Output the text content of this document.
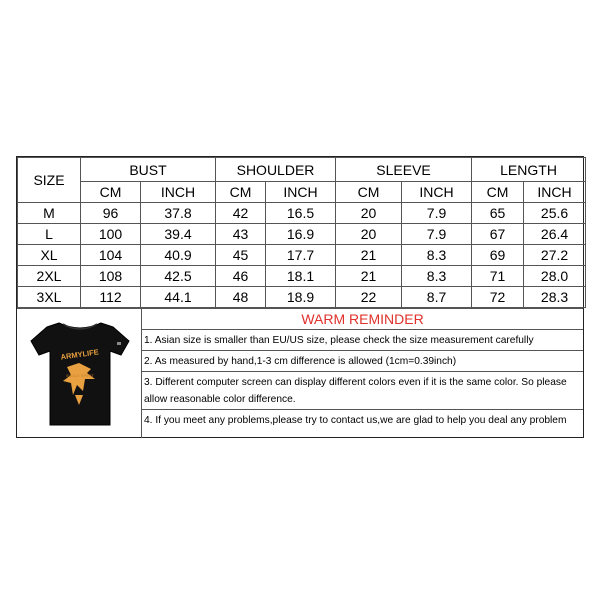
SIZE	BUST		SHOULDER		SLEEVE		LENGTH	
	CM	INCH	CM	INCH	CM	INCH	CM	INCH
M	96	37.8	42	16.5	20	7.9	65	25.6
L	100	39.4	43	16.9	20	7.9	67	26.4
XL	104	40.9	45	17.7	21	8.3	69	27.2
2XL	108	42.5	46	18.1	21	8.3	71	28.0
3XL	112	44.1	48	18.9	22	8.7	72	28.3
ARMYLIFE
EAGLE SPIRIT
WARM REMINDER
1. Asian size is smaller than EU/US size, please check the size measurement carefully
2. As measured by hand,1-3 cm difference is allowed (1cm=0.39inch)
3. Different computer screen can display different colors even if it is the same color. So please allow reasonable color difference.
4. If you meet any problems,please try to contact us,we are glad to help you deal any problem
